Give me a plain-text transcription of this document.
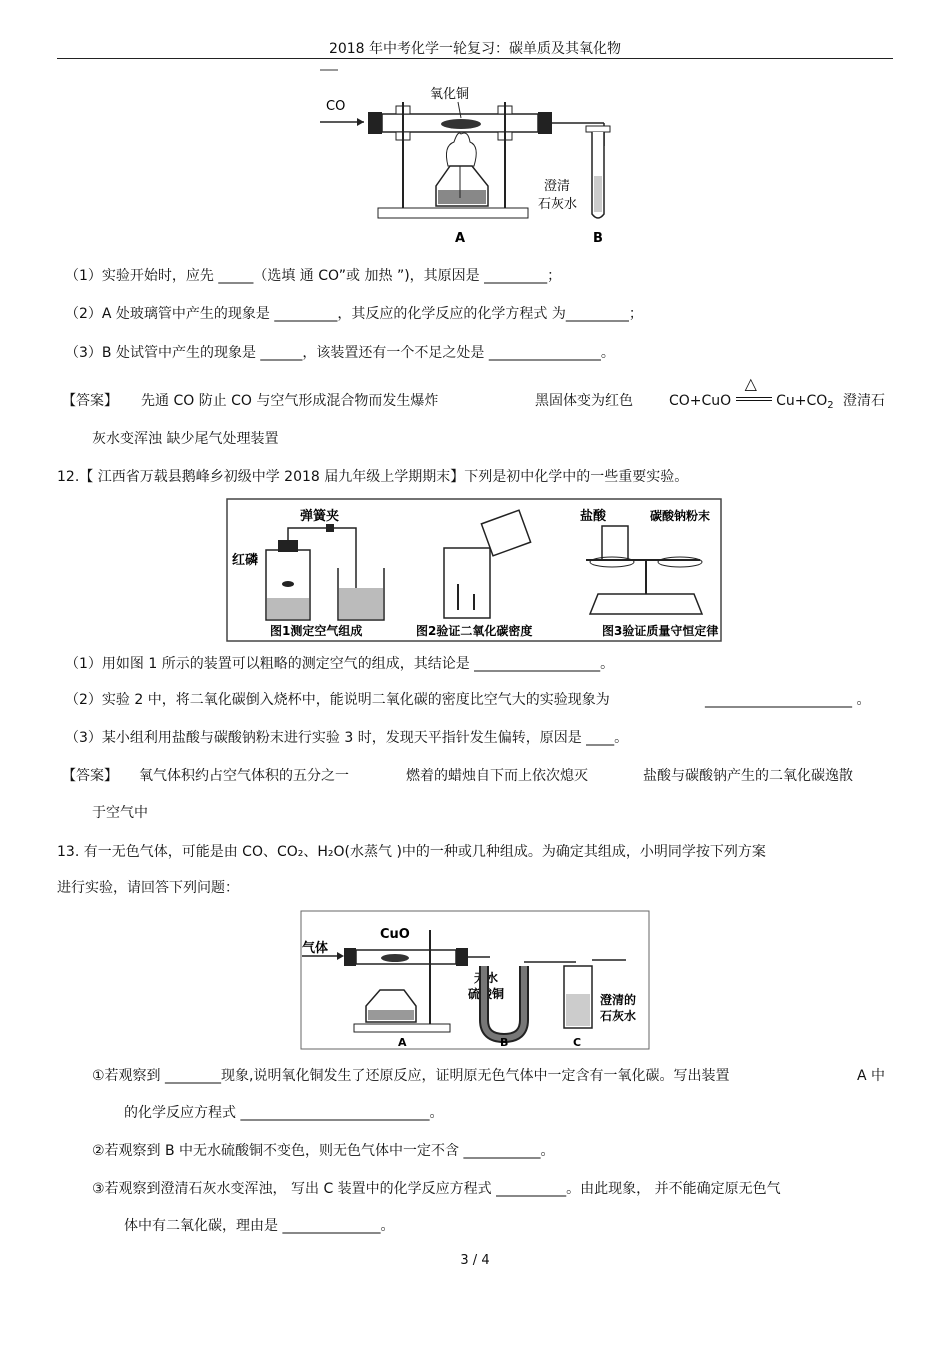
2018 年中考化学一轮复习：碳单质及其氧化物
CO
氧化铜
澄清
石灰水
A	B
（1）实验开始时，应先 _____（选填 通 CO”或 加热 ”)，其原因是 _________；
（2）A 处玻璃管中产生的现象是 _________，其反应的化学反应的化学方程式 为_________；
（3）B 处试管中产生的现象是 ______，该装置还有一个不足之处是 ________________。
【答案】 先通 CO 防止 CO 与空气形成混合物而发生爆炸	黑固体变为红色	CO+CuO
△
$Cu+CO_2$ 澄清石
灰水变浑浊 缺少尾气处理装置
12.【 江西省万载县鹅峰乡初级中学 2018 届九年级上学期期末】下列是初中化学中的一些重要实验。
弹簧夹
红磷
图1测定空气组成	图2验证二氧化碳密度
盐酸	碳酸钠粉末
图3验证质量守恒定律
（1）用如图 1 所示的装置可以粗略的测定空气的组成，其结论是 __________________。
（2）实验 2 中，将二氧化碳倒入烧杯中，能说明二氧化碳的密度比空气大的实验现象为	_____________________ 。
（3）某小组利用盐酸与碳酸钠粉末进行实验 3 时，发现天平指针发生偏转，原因是 ____。
【答案】 氧气体积约占空气体积的五分之一	燃着的蜡烛自下而上依次熄灭	盐酸与碳酸钠产生的二氧化碳逸散
于空气中
13. 有一无色气体，可能是由 CO、CO₂、H₂O(水蒸气 )中的一种或几种组成。为确定其组成，小明同学按下列方案
进行实验，请回答下列问题：
气体
CuO
无水
硫酸铜	澄清的
石灰水
A	B	C
①若观察到 ________现象,说明氧化铜发生了还原反应，证明原无色气体中一定含有一氧化碳。写出装置	A 中
的化学反应方程式 ___________________________。
②若观察到 B 中无水硫酸铜不变色，则无色气体中一定不含 ___________。
③若观察到澄清石灰水变浑浊， 写出 C 装置中的化学反应方程式 __________。由此现象， 并不能确定原无色气
体中有二氧化碳，理由是 ______________。
3 / 4
